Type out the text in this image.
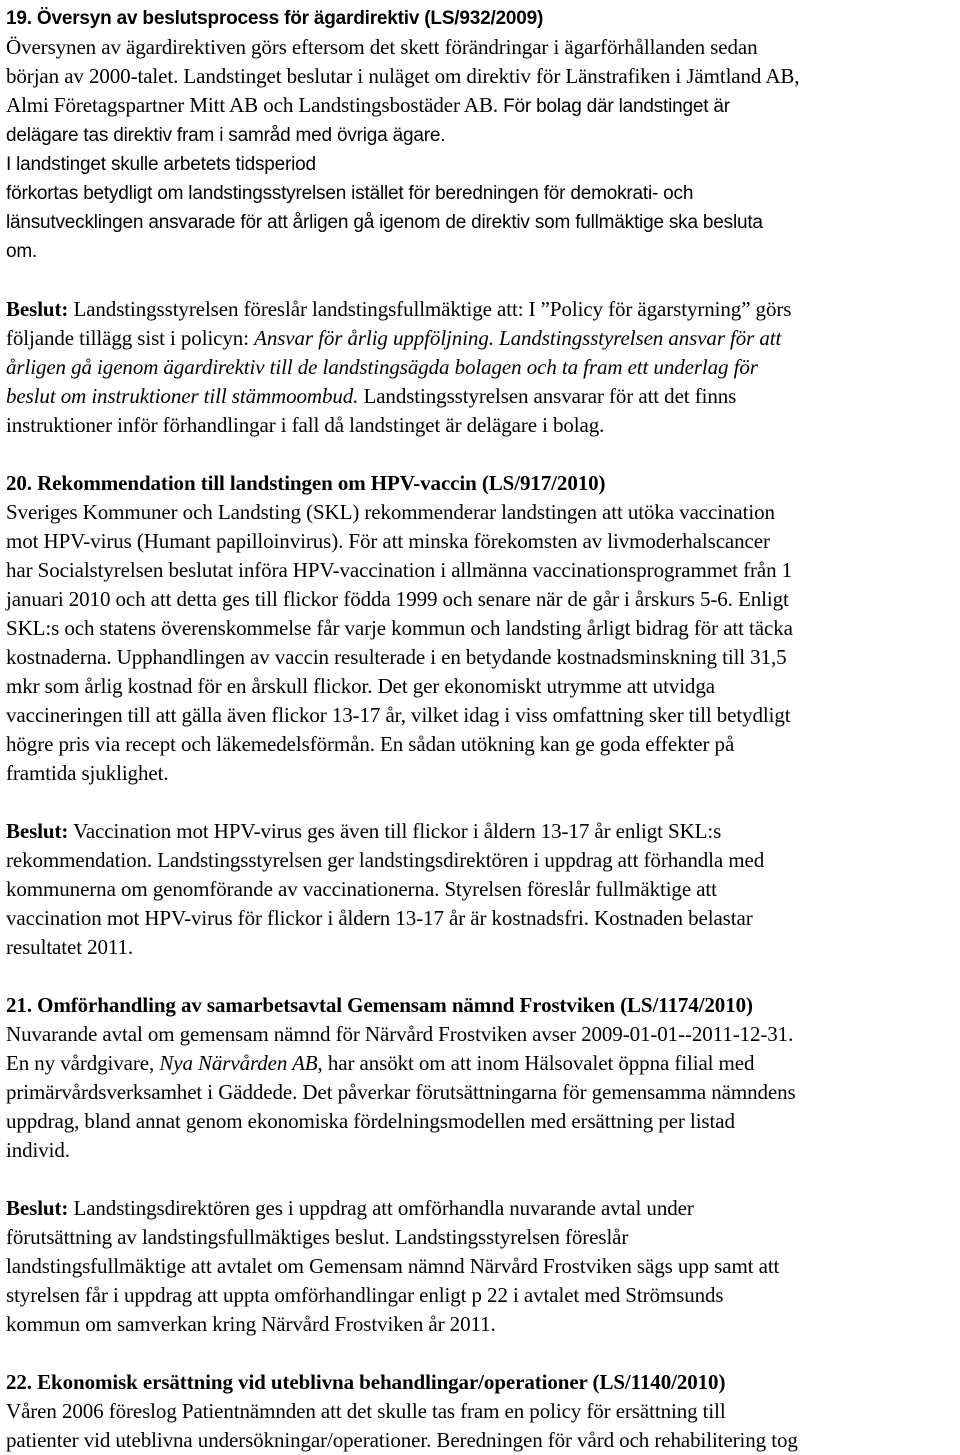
19. Översyn av beslutsprocess för ägardirektiv (LS/932/2009)
Översynen av ägardirektiven görs eftersom det skett förändringar i ägarförhållanden sedan
början av 2000-talet. Landstinget beslutar i nuläget om direktiv för Länstrafiken i Jämtland AB,
Almi Företagspartner Mitt AB och Landstingsbostäder AB. För bolag där landstinget är
delägare tas direktiv fram i samråd med övriga ägare.
I landstinget skulle arbetets tidsperiod
förkortas betydligt om landstingsstyrelsen istället för beredningen för demokrati- och
länsutvecklingen ansvarade för att årligen gå igenom de direktiv som fullmäktige ska besluta
om.
Beslut: Landstingsstyrelsen föreslår landstingsfullmäktige att: I ”Policy för ägarstyrning” görs
följande tillägg sist i policyn: Ansvar för årlig uppföljning. Landstingsstyrelsen ansvar för att
årligen gå igenom ägardirektiv till de landstingsägda bolagen och ta fram ett underlag för
beslut om instruktioner till stämmoombud. Landstingsstyrelsen ansvarar för att det finns
instruktioner inför förhandlingar i fall då landstinget är delägare i bolag.
20. Rekommendation till landstingen om HPV-vaccin (LS/917/2010)
Sveriges Kommuner och Landsting (SKL) rekommenderar landstingen att utöka vaccination
mot HPV-virus (Humant papilloinvirus). För att minska förekomsten av livmoderhalscancer
har Socialstyrelsen beslutat införa HPV-vaccination i allmänna vaccinationsprogrammet från 1
januari 2010 och att detta ges till flickor födda 1999 och senare när de går i årskurs 5-6. Enligt
SKL:s och statens överenskommelse får varje kommun och landsting årligt bidrag för att täcka
kostnaderna. Upphandlingen av vaccin resulterade i en betydande kostnadsminskning till 31,5
mkr som årlig kostnad för en årskull flickor. Det ger ekonomiskt utrymme att utvidga
vaccineringen till att gälla även flickor 13-17 år, vilket idag i viss omfattning sker till betydligt
högre pris via recept och läkemedelsförmån. En sådan utökning kan ge goda effekter på
framtida sjuklighet.
Beslut: Vaccination mot HPV-virus ges även till flickor i åldern 13-17 år enligt SKL:s
rekommendation. Landstingsstyrelsen ger landstingsdirektören i uppdrag att förhandla med
kommunerna om genomförande av vaccinationerna. Styrelsen föreslår fullmäktige att
vaccination mot HPV-virus för flickor i åldern 13-17 år är kostnadsfri. Kostnaden belastar
resultatet 2011.
21. Omförhandling av samarbetsavtal Gemensam nämnd Frostviken (LS/1174/2010)
Nuvarande avtal om gemensam nämnd för Närvård Frostviken avser 2009-01-01--2011-12-31.
En ny vårdgivare, Nya Närvården AB, har ansökt om att inom Hälsovalet öppna filial med
primärvårdsverksamhet i Gäddede. Det påverkar förutsättningarna för gemensamma nämndens
uppdrag, bland annat genom ekonomiska fördelningsmodellen med ersättning per listad
individ.
Beslut: Landstingsdirektören ges i uppdrag att omförhandla nuvarande avtal under
förutsättning av landstingsfullmäktiges beslut. Landstingsstyrelsen föreslår
landstingsfullmäktige att avtalet om Gemensam nämnd Närvård Frostviken sägs upp samt att
styrelsen får i uppdrag att uppta omförhandlingar enligt p 22 i avtalet med Strömsunds
kommun om samverkan kring Närvård Frostviken år 2011.
22. Ekonomisk ersättning vid uteblivna behandlingar/operationer (LS/1140/2010)
Våren 2006 föreslog Patientnämnden att det skulle tas fram en policy för ersättning till
patienter vid uteblivna undersökningar/operationer. Beredningen för vård och rehabilitering tog
